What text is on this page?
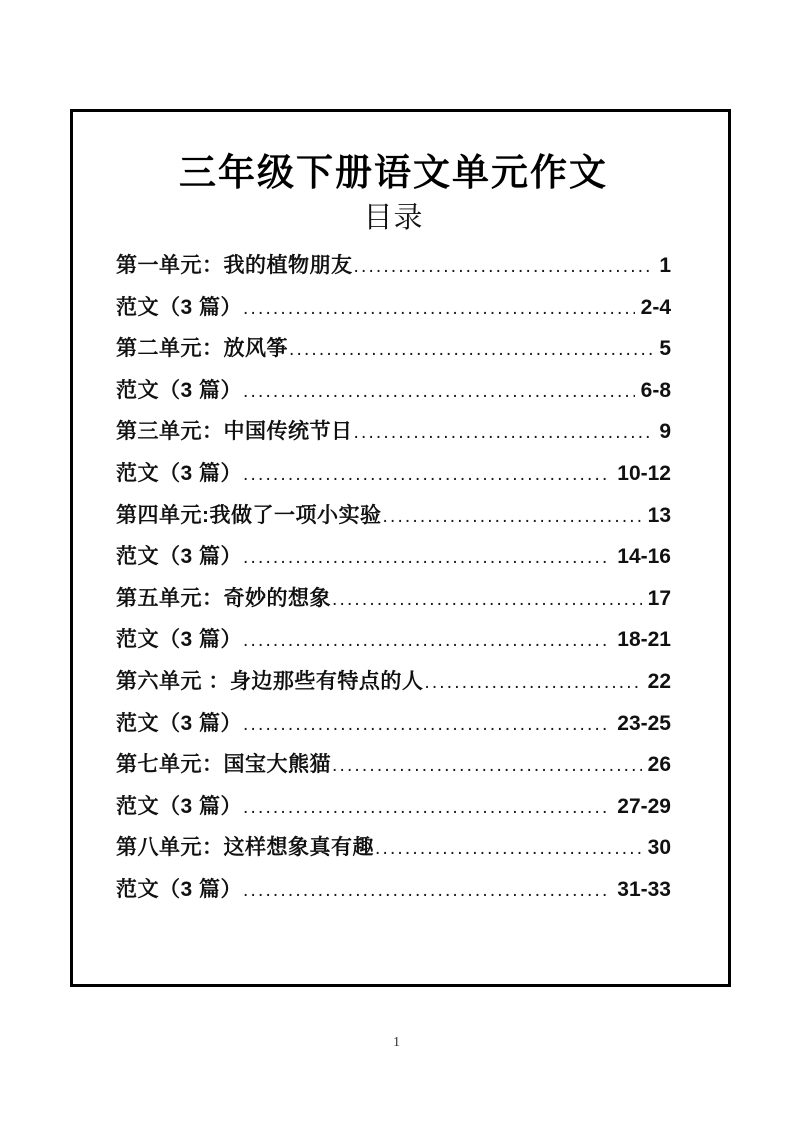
三年级下册语文单元作文
目录
第一单元：我的植物朋友 .....	1
范文（3 篇） .....	2-4
第二单元：放风筝 .....	5
范文（3 篇） .....	6-8
第三单元：中国传统节日 .....	9
范文（3 篇） .....	10-12
第四单元:我做了一项小实验 .....	13
范文（3 篇） .....	14-16
第五单元：奇妙的想象 .....	17
范文（3 篇） .....	18-21
第六单元 ：身边那些有特点的人 .....	22
范文（3 篇） .....	23-25
第七单元：国宝大熊猫 .....	26
范文（3 篇） .....	27-29
第八单元：这样想象真有趣 .....	30
范文（3 篇） .....	31-33
1
